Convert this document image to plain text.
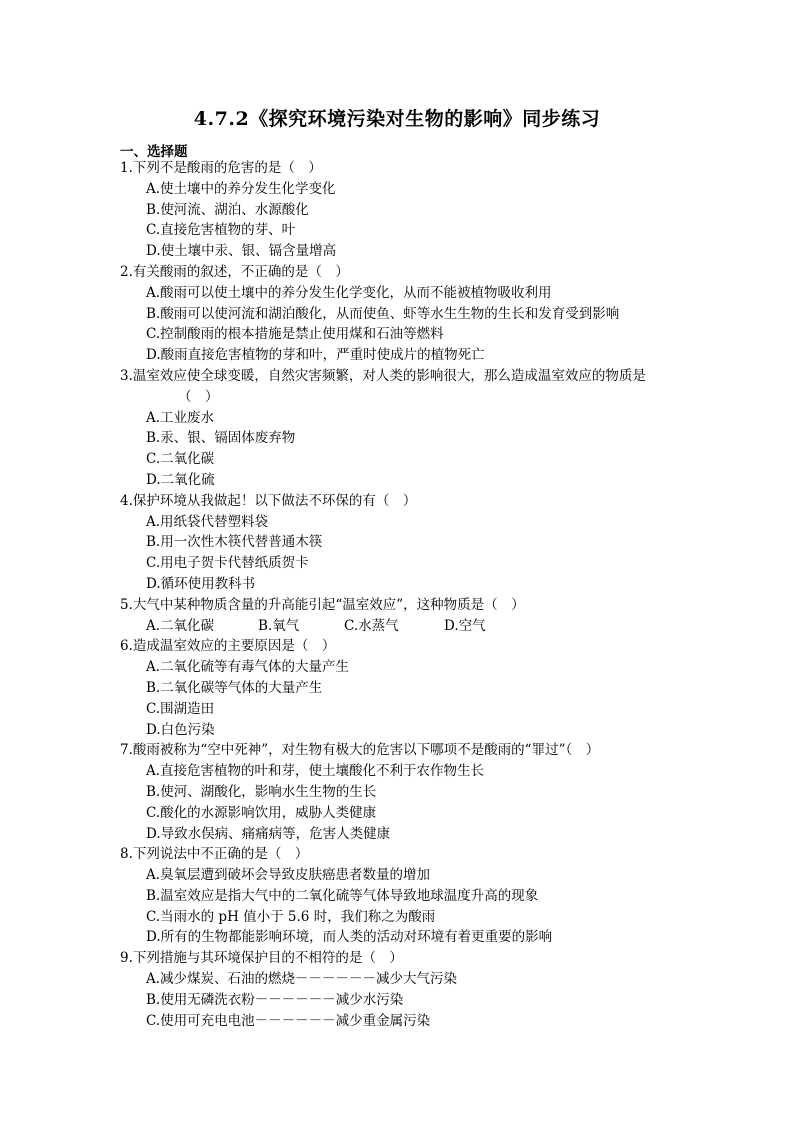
4.7.2《探究环境污染对生物的影响》同步练习
一、选择题
1.下列不是酸雨的危害的是（　）
A.使土壤中的养分发生化学变化
B.使河流、湖泊、水源酸化
C.直接危害植物的芽、叶
D.使土壤中汞、银、镉含量增高
2.有关酸雨的叙述，不正确的是（　）
A.酸雨可以使土壤中的养分发生化学变化，从而不能被植物吸收利用
B.酸雨可以使河流和湖泊酸化，从而使鱼、虾等水生生物的生长和发育受到影响
C.控制酸雨的根本措施是禁止使用煤和石油等燃料
D.酸雨直接危害植物的芽和叶，严重时使成片的植物死亡
3.温室效应使全球变暖，自然灾害频繁，对人类的影响很大，那么造成温室效应的物质是
（　）
A.工业废水
B.汞、银、镉固体废弃物
C.二氧化碳
D.二氧化硫
4.保护环境从我做起！以下做法不环保的有（　）
A.用纸袋代替塑料袋
B.用一次性木筷代替普通木筷
C.用电子贺卡代替纸质贺卡
D.循环使用教科书
5.大气中某种物质含量的升高能引起“温室效应”，这种物质是（　）
A.二氧化碳	B.氧气	C.水蒸气	D.空气
6.造成温室效应的主要原因是（　）
A.二氧化硫等有毒气体的大量产生
B.二氧化碳等气体的大量产生
C.围湖造田
D.白色污染
7.酸雨被称为“空中死神”，对生物有极大的危害以下哪项不是酸雨的“罪过”（　）
A.直接危害植物的叶和芽，使土壤酸化不利于农作物生长
B.使河、湖酸化，影响水生生物的生长
C.酸化的水源影响饮用，威胁人类健康
D.导致水俣病、痛痛病等，危害人类健康
8.下列说法中不正确的是（　）
A.臭氧层遭到破坏会导致皮肤癌患者数量的增加
B.温室效应是指大气中的二氧化硫等气体导致地球温度升高的现象
C.当雨水的 pH 值小于 5.6 时，我们称之为酸雨
D.所有的生物都能影响环境，而人类的活动对环境有着更重要的影响
9.下列措施与其环境保护目的不相符的是（　）
A.减少煤炭、石油的燃烧－－－－－－减少大气污染
B.使用无磷洗衣粉－－－－－－减少水污染
C.使用可充电电池－－－－－－减少重金属污染
